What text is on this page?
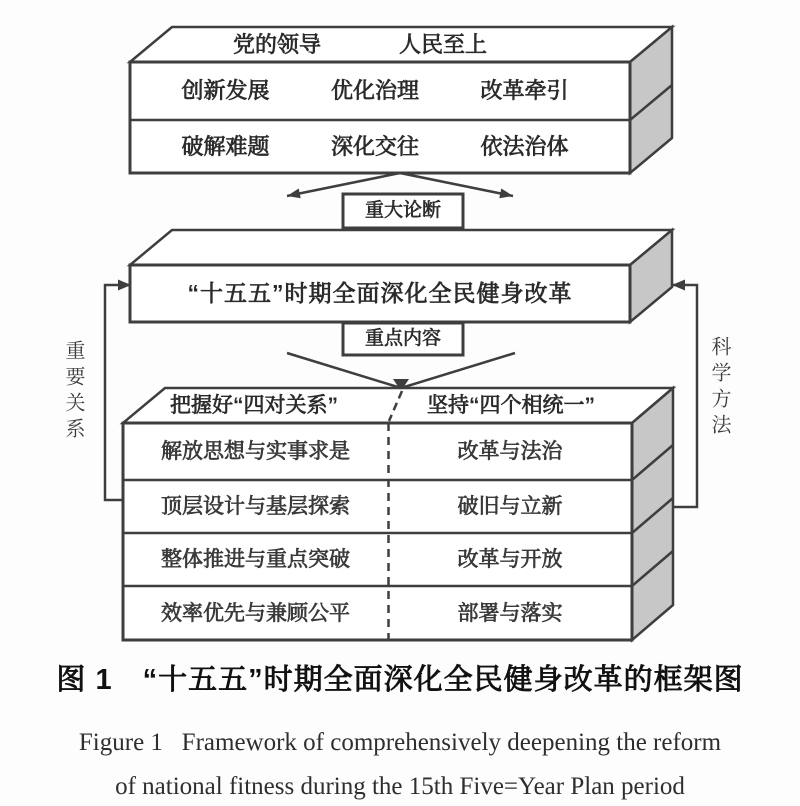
党的领导	人民至上
创新发展	优化治理	改革牵引
破解难题	深化交往	依法治体
重大论断
重点内容
“十五五”时期全面深化全民健身改革
重要关系	科学方法
把握好“四对关系”	坚持“四个相统一”
解放思想与实事求是	改革与法治
顶层设计与基层探索	破旧与立新
整体推进与重点突破	改革与开放
效率优先与兼顾公平	部署与落实
图 1　“十五五”时期全面深化全民健身改革的框架图
Figure 1   Framework of comprehensively deepening the reform
of national fitness during the 15th Five=Year Plan period
